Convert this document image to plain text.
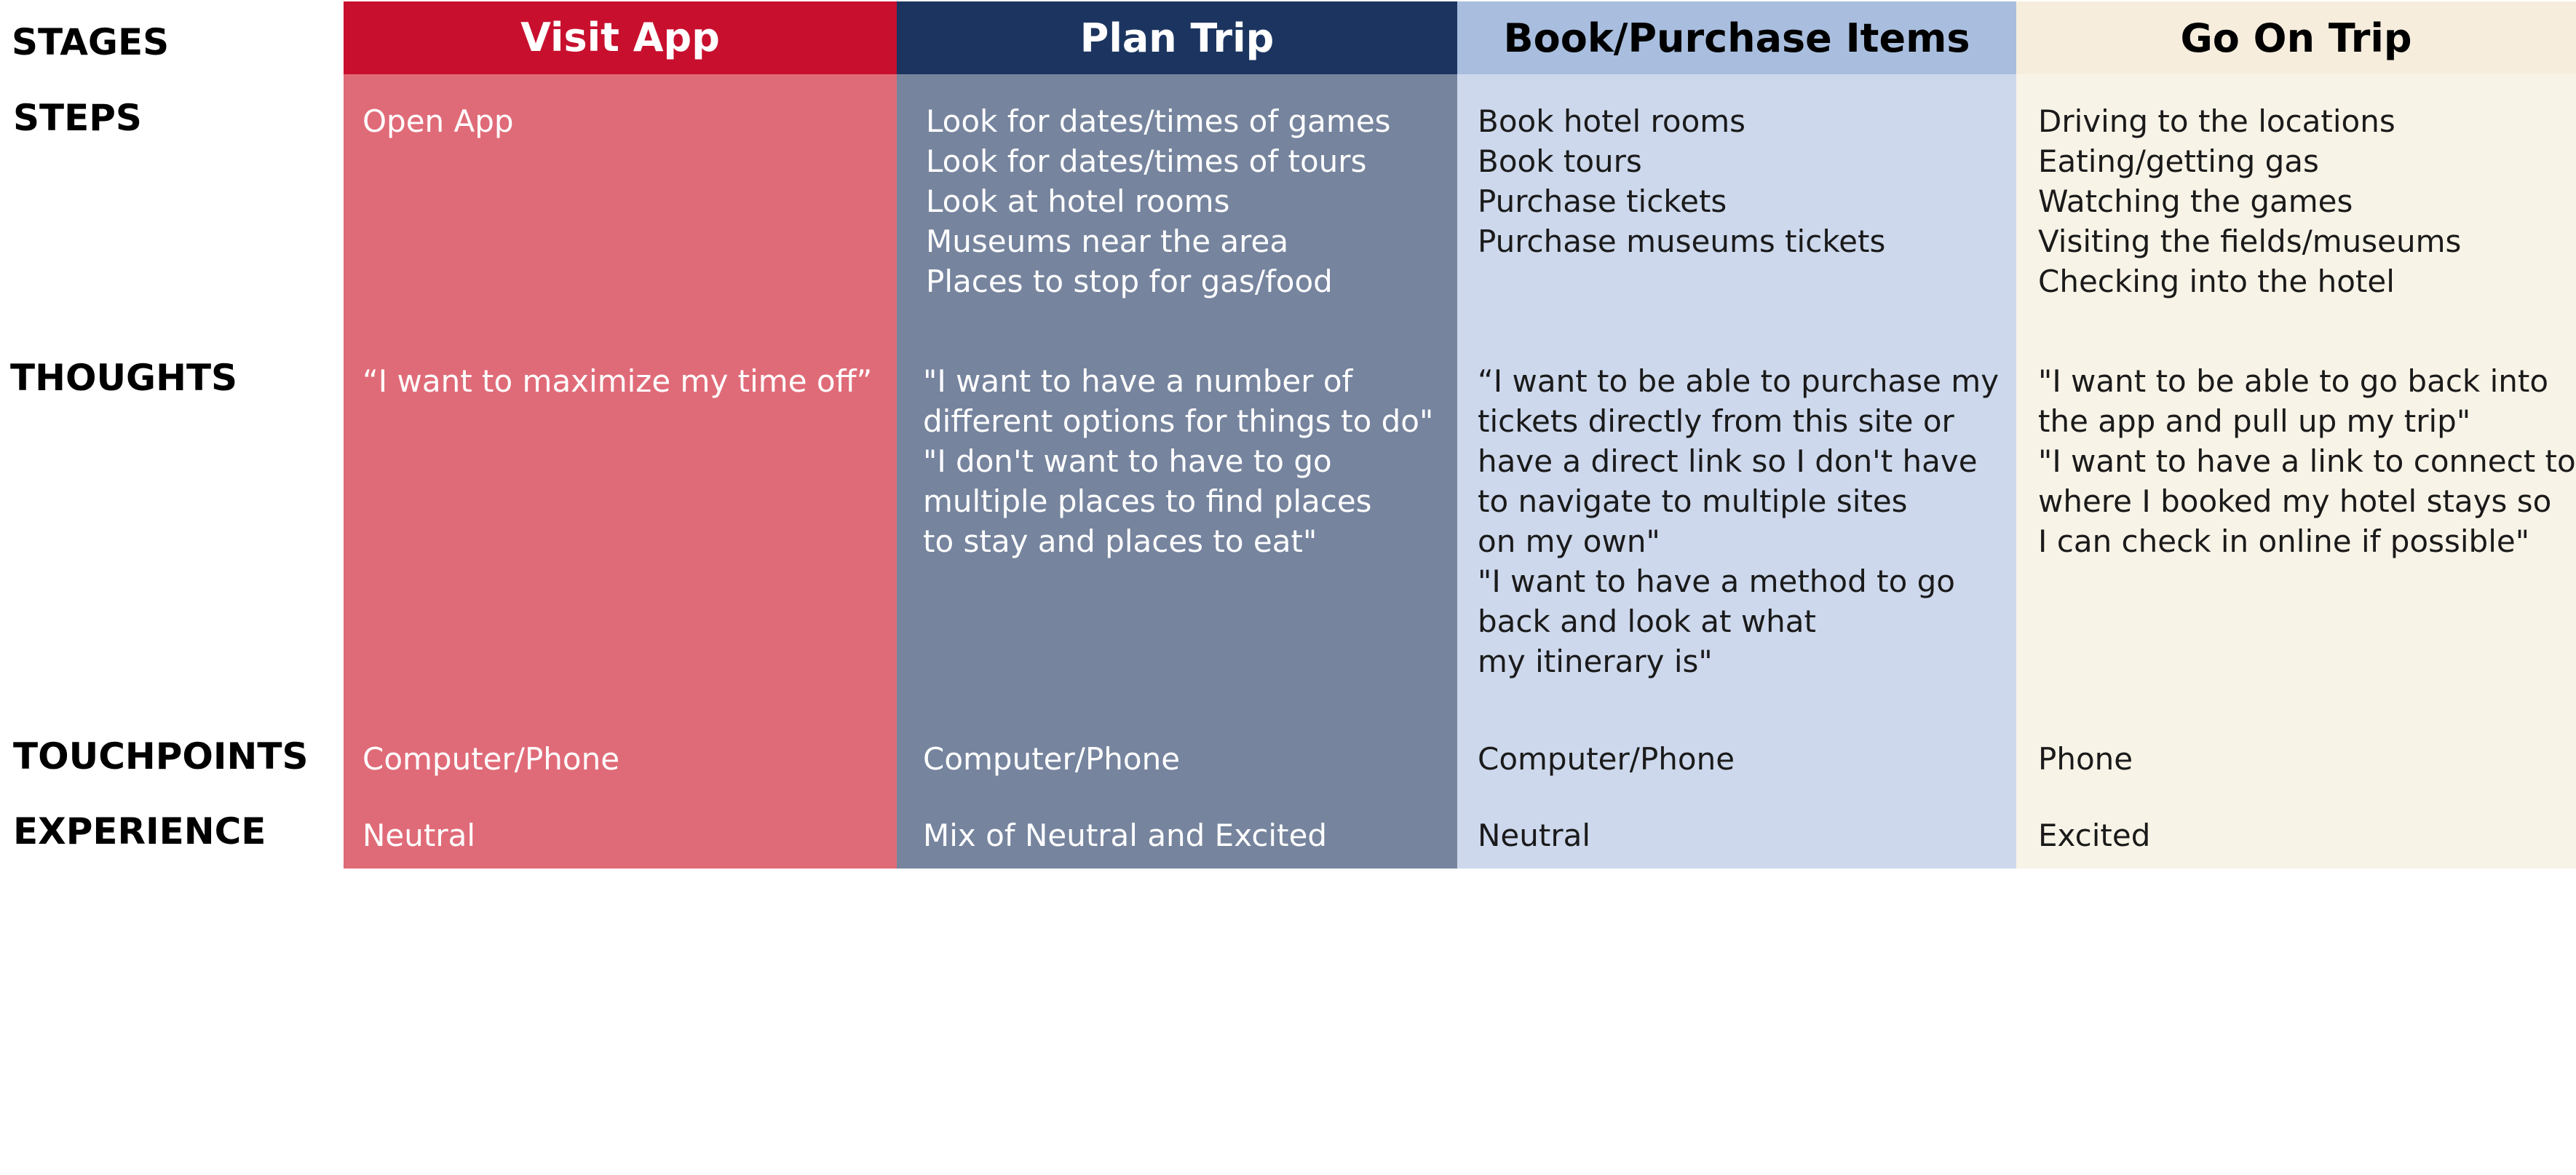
STAGES
STEPS
THOUGHTS
TOUCHPOINTS
EXPERIENCE
Visit App
Open App
“I want to maximize my time off”
Computer/Phone
Neutral
Plan Trip
Look for dates/times of games
Look for dates/times of tours
Look at hotel rooms
Museums near the area
Places to stop for gas/food
"I want to have a number of
different options for things to do"
"I don't want to have to go
multiple places to find places
to stay and places to eat"
Computer/Phone
Mix of Neutral and Excited
Book/Purchase Items
Book hotel rooms
Book tours
Purchase tickets
Purchase museums tickets
“I want to be able to purchase my
tickets directly from this site or
have a direct link so I don't have
to navigate to multiple sites
on my own"
"I want to have a method to go
back and look at what
my itinerary is"
Computer/Phone
Neutral
Go On Trip
Driving to the locations
Eating/getting gas
Watching the games
Visiting the fields/museums
Checking into the hotel
"I want to be able to go back into
the app and pull up my trip"
"I want to have a link to connect to
where I booked my hotel stays so
I can check in online if possible"
Phone
Excited
